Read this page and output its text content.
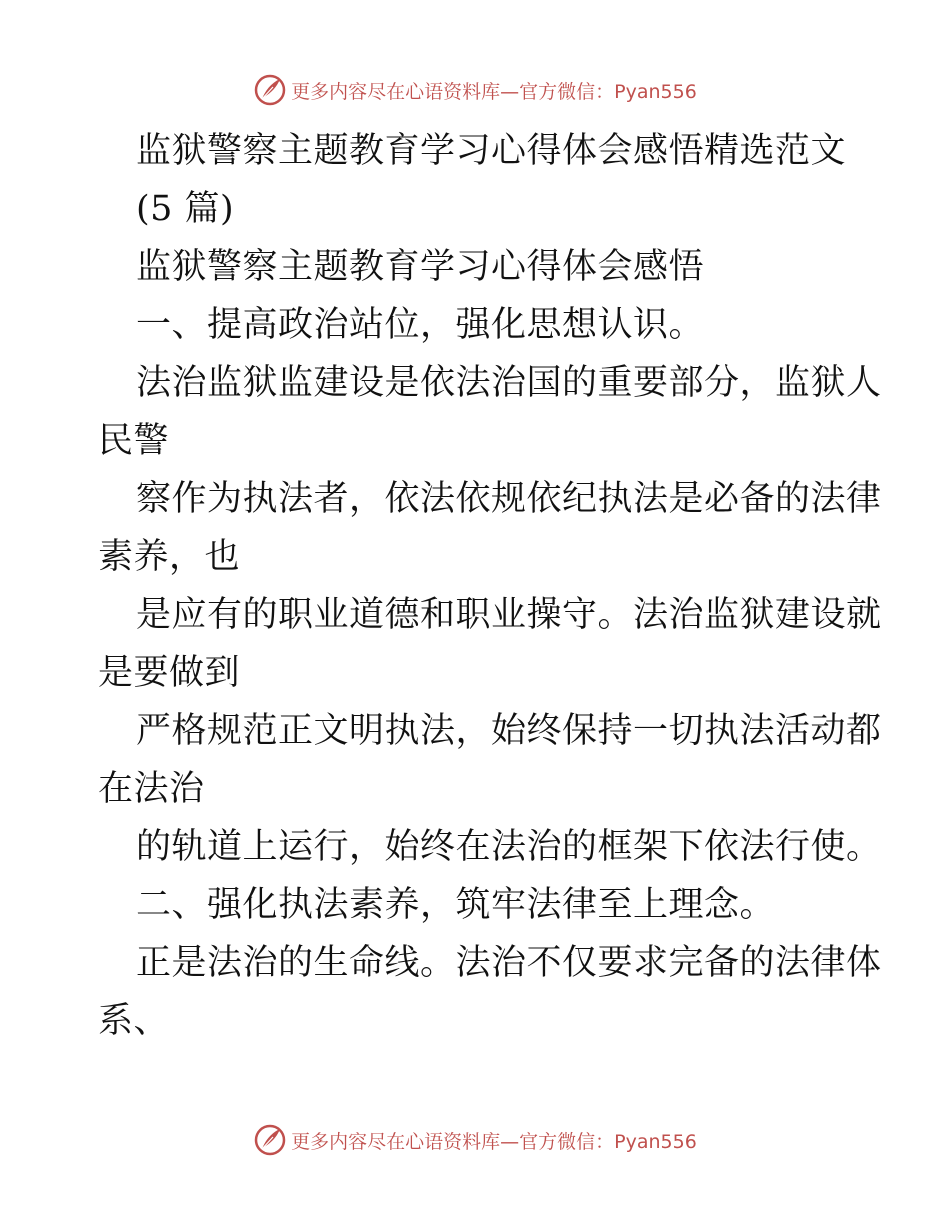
更多内容尽在心语资料库—官方微信：Pyan556
监狱警察主题教育学习心得体会感悟精选范文
(5 篇)
监狱警察主题教育学习心得体会感悟
一、提高政治站位，强化思想认识。
法治监狱监建设是依法治国的重要部分，监狱人
民警
察作为执法者，依法依规依纪执法是必备的法律
素养，也
是应有的职业道德和职业操守。法治监狱建设就
是要做到
严格规范正文明执法，始终保持一切执法活动都
在法治
的轨道上运行，始终在法治的框架下依法行使。
二、强化执法素养，筑牢法律至上理念。
正是法治的生命线。法治不仅要求完备的法律体
系、
更多内容尽在心语资料库—官方微信：Pyan556
